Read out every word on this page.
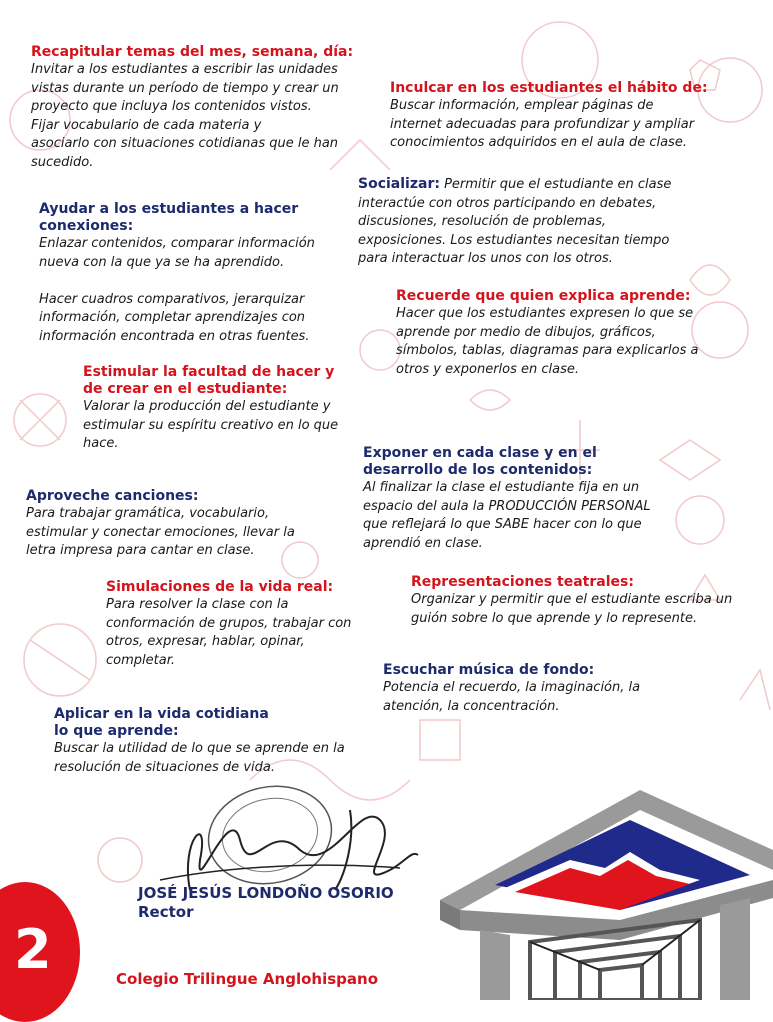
Recapitular temas del mes, semana, día:

Invitar a los estudiantes a escribir las unidades
vistas durante un período de tiempo y crear un
proyecto que incluya los contenidos vistos.
Fijar vocabulario de cada materia y
asociarlo con situaciones cotidianas que le han
sucedido.

Inculcar en los estudiantes el hábito de:

Buscar información, emplear páginas de
internet adecuadas para profundizar y ampliar
conocimientos adquiridos en el aula de clase.

Socializar: Permitir que el estudiante en clase
interactúe con otros participando en debates,
discusiones, resolución de problemas,
exposiciones. Los estudiantes necesitan tiempo
para interactuar los unos con los otros.

Ayudar a los estudiantes a hacer
conexiones:

Enlazar contenidos, comparar información
nueva con la que ya se ha aprendido.

Hacer cuadros comparativos, jerarquizar
información, completar aprendizajes con
información encontrada en otras fuentes.

Recuerde que quien explica aprende:

Hacer que los estudiantes expresen lo que se
aprende por medio de dibujos, gráficos,
símbolos, tablas, diagramas para explicarlos a
otros y exponerlos en clase.

Estimular la facultad de hacer y
de crear en el estudiante:

Valorar la producción del estudiante y
estimular su espíritu creativo en lo que
hace.

Exponer en cada clase y en el
desarrollo de los contenidos:

Al finalizar la clase el estudiante fija en un
espacio del aula la PRODUCCIÓN PERSONAL
que reflejará lo que SABE hacer con lo que
aprendió en clase.

Aproveche canciones:

Para trabajar gramática, vocabulario,
estimular y conectar emociones, llevar la
letra impresa para cantar en clase.

Simulaciones de la vida real:

Para resolver la clase con la
conformación de grupos, trabajar con
otros, expresar, hablar, opinar,
completar.

Representaciones teatrales:

Organizar y permitir que el estudiante escriba un
guión sobre lo que aprende y lo represente.

Escuchar música de fondo:

Potencia el recuerdo, la imaginación, la
atención, la concentración.

Aplicar en la vida cotidiana
lo que aprende:

Buscar la utilidad de lo que se aprende en la
resolución de situaciones de vida.

JOSÉ JESÚS LONDOÑO OSORIO
Rector
2	Colegio Trilingue Anglohispano
